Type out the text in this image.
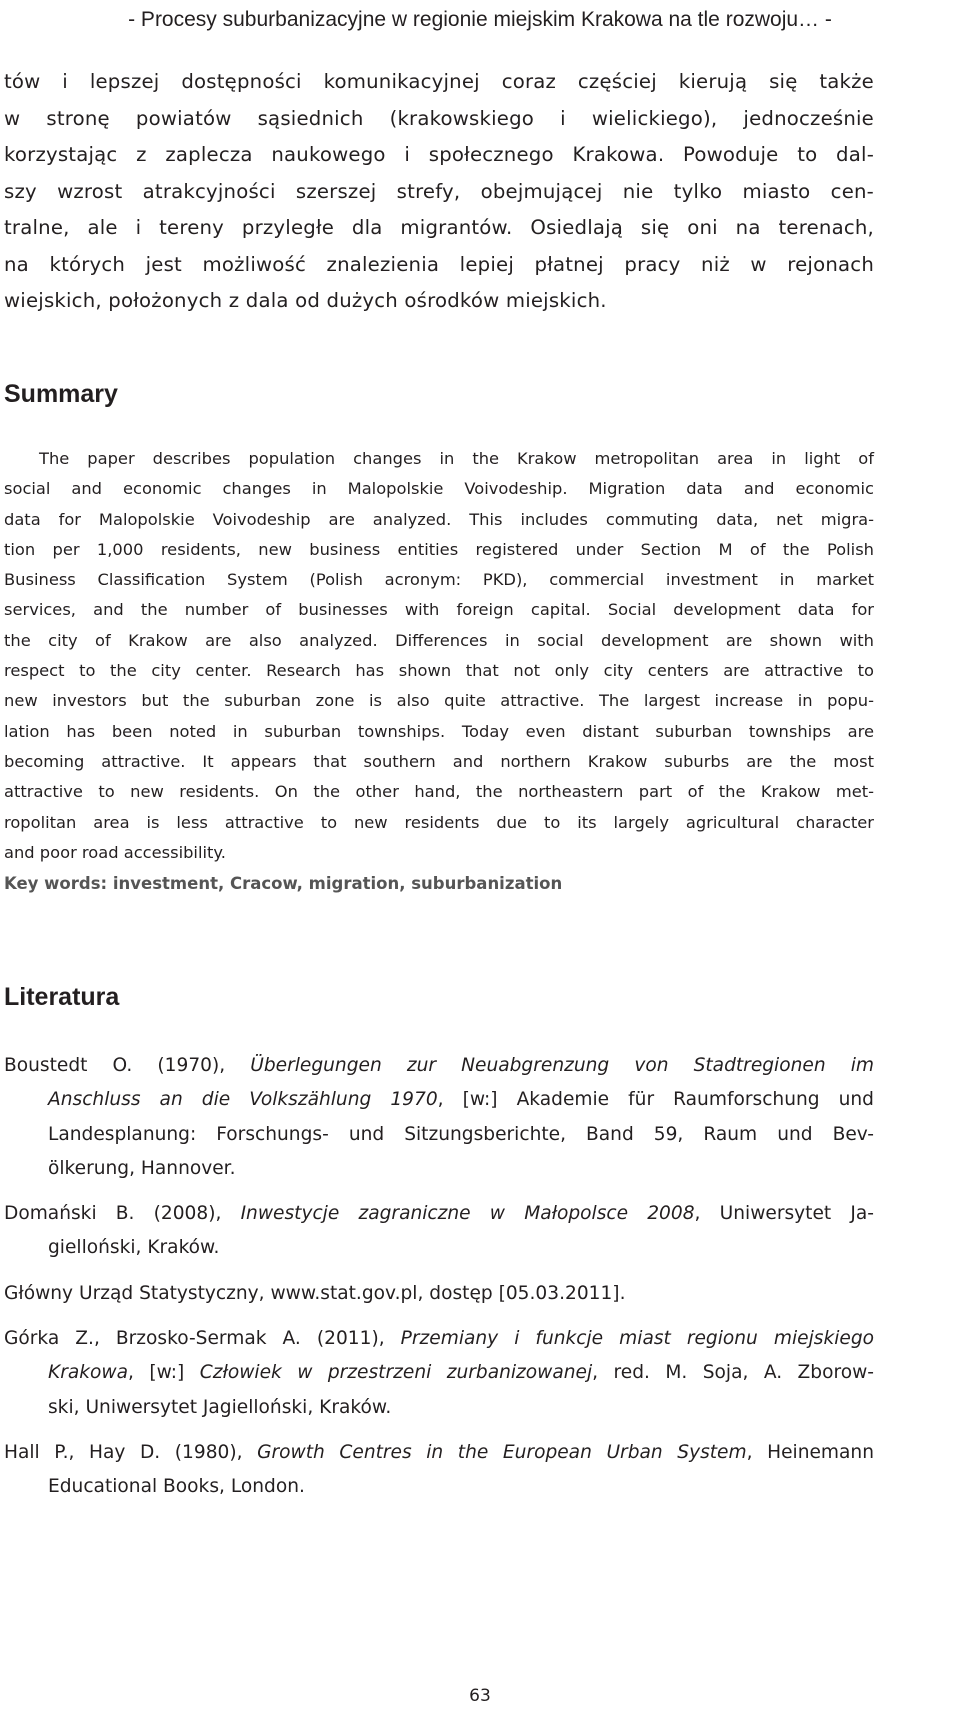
- Procesy suburbanizacyjne w regionie miejskim Krakowa na tle rozwoju… -

tów i lepszej dostępności komunikacyjnej coraz częściej kierują się także
w stronę powiatów sąsiednich (krakowskiego i wielickiego), jednocześnie
korzystając z zaplecza naukowego i społecznego Krakowa. Powoduje to dal-
szy wzrost atrakcyjności szerszej strefy, obejmującej nie tylko miasto cen-
tralne, ale i tereny przyległe dla migrantów. Osiedlają się oni na terenach,
na których jest możliwość znalezienia lepiej płatnej pracy niż w rejonach
wiejskich, położonych z dala od dużych ośrodków miejskich.

Summary

The paper describes population changes in the Krakow metropolitan area in light of
social and economic changes in Malopolskie Voivodeship. Migration data and economic
data for Malopolskie Voivodeship are analyzed. This includes commuting data, net migra-
tion per 1,000 residents, new business entities registered under Section M of the Polish
Business Classification System (Polish acronym: PKD), commercial investment in market
services, and the number of businesses with foreign capital. Social development data for
the city of Krakow are also analyzed. Differences in social development are shown with
respect to the city center. Research has shown that not only city centers are attractive to
new investors but the suburban zone is also quite attractive. The largest increase in popu-
lation has been noted in suburban townships. Today even distant suburban townships are
becoming attractive. It appears that southern and northern Krakow suburbs are the most
attractive to new residents. On the other hand, the northeastern part of the Krakow met-
ropolitan area is less attractive to new residents due to its largely agricultural character
and poor road accessibility.

Key words: investment, Cracow, migration, suburbanization

Literatura
Boustedt O. (1970), Überlegungen zur Neuabgrenzung von Stadtregionen im
Anschluss an die Volkszählung 1970, [w:] Akademie für Raumforschung und
Landesplanung: Forschungs- und Sitzungsberichte, Band 59, Raum und Bev-
ölkerung, Hannover.
Domański B. (2008), Inwestycje zagraniczne w Małopolsce 2008, Uniwersytet Ja-
gielloński, Kraków.
Główny Urząd Statystyczny, www.stat.gov.pl, dostęp [05.03.2011].
Górka Z., Brzosko-Sermak A. (2011), Przemiany i funkcje miast regionu miejskiego
Krakowa, [w:] Człowiek w przestrzeni zurbanizowanej, red. M. Soja, A. Zborow-
ski, Uniwersytet Jagielloński, Kraków.
Hall P., Hay D. (1980), Growth Centres in the European Urban System, Heinemann
Educational Books, London.
63
